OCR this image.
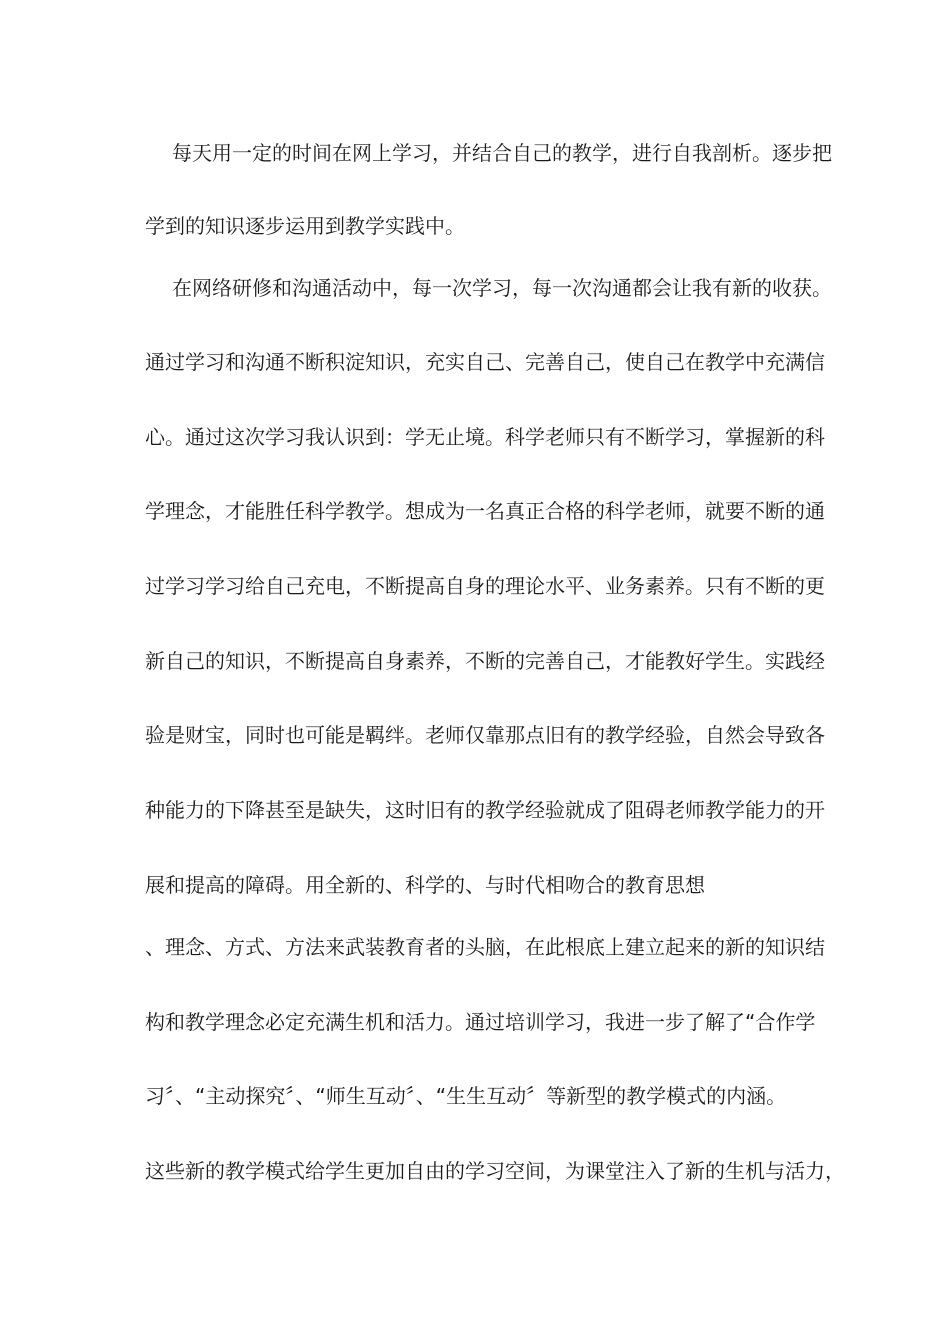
每天用一定的时间在网上学习，并结合自己的教学，进行自我剖析。逐步把
学到的知识逐步运用到教学实践中。
在网络研修和沟通活动中，每一次学习，每一次沟通都会让我有新的收获。
通过学习和沟通不断积淀知识，充实自己、完善自己，使自己在教学中充满信
心。通过这次学习我认识到：学无止境。科学老师只有不断学习，掌握新的科
学理念，才能胜任科学教学。想成为一名真正合格的科学老师，就要不断的通
过学习学习给自己充电，不断提高自身的理论水平、业务素养。只有不断的更
新自己的知识，不断提高自身素养，不断的完善自己，才能教好学生。实践经
验是财宝，同时也可能是羁绊。老师仅靠那点旧有的教学经验，自然会导致各
种能力的下降甚至是缺失，这时旧有的教学经验就成了阻碍老师教学能力的开
展和提高的障碍。用全新的、科学的、与时代相吻合的教育思想
、理念、方式、方法来武装教育者的头脑，在此根底上建立起来的新的知识结
构和教学理念必定充满生机和活力。通过培训学习，我进一步了解了“合作学
习〞、“主动探究〞、“师生互动〞、“生生互动〞等新型的教学模式的内涵。
这些新的教学模式给学生更加自由的学习空间，为课堂注入了新的生机与活力，
